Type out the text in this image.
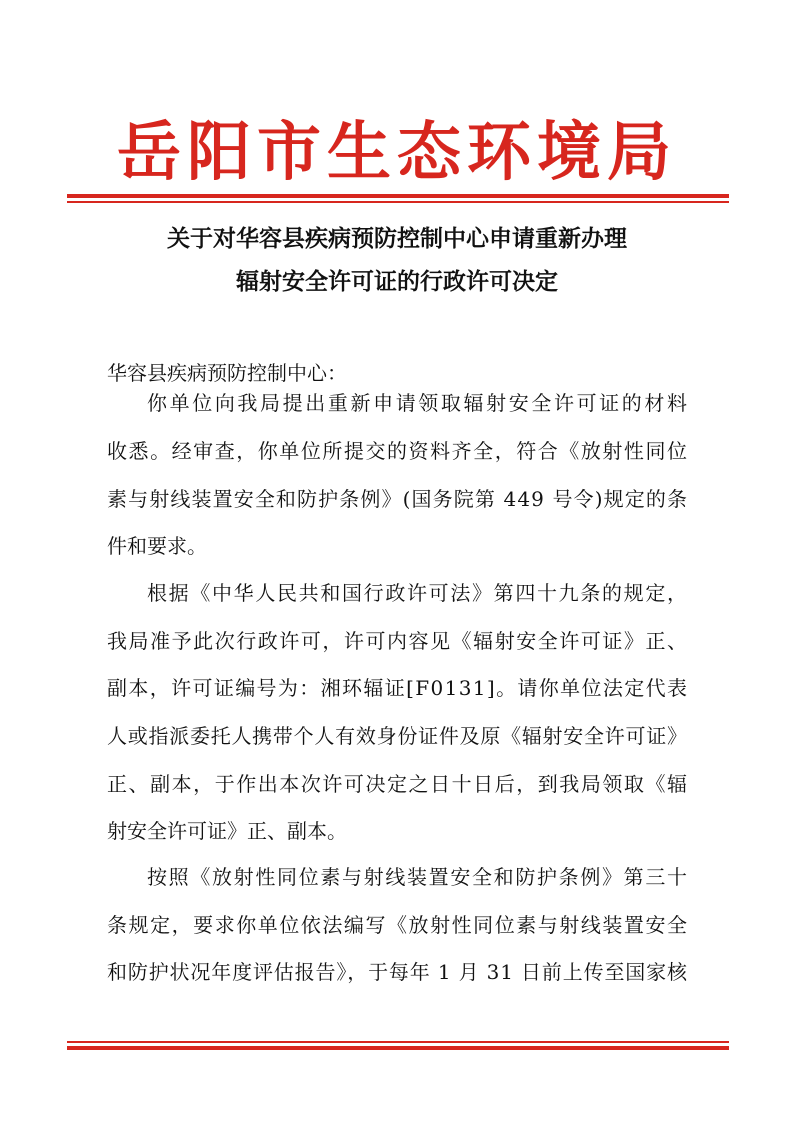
岳阳市生态环境局
关于对华容县疾病预防控制中心申请重新办理
辐射安全许可证的行政许可决定
华容县疾病预防控制中心：
你单位向我局提出重新申请领取辐射安全许可证的材料
收悉。经审查，你单位所提交的资料齐全，符合《放射性同位
素与射线装置安全和防护条例》(国务院第 449 号令)规定的条
件和要求。
根据《中华人民共和国行政许可法》第四十九条的规定，
我局准予此次行政许可，许可内容见《辐射安全许可证》正、
副本，许可证编号为：湘环辐证[F0131]。请你单位法定代表
人或指派委托人携带个人有效身份证件及原《辐射安全许可证》
正、副本，于作出本次许可决定之日十日后，到我局领取《辐
射安全许可证》正、副本。
按照《放射性同位素与射线装置安全和防护条例》第三十
条规定，要求你单位依法编写《放射性同位素与射线装置安全
和防护状况年度评估报告》，于每年 1 月 31 日前上传至国家核
